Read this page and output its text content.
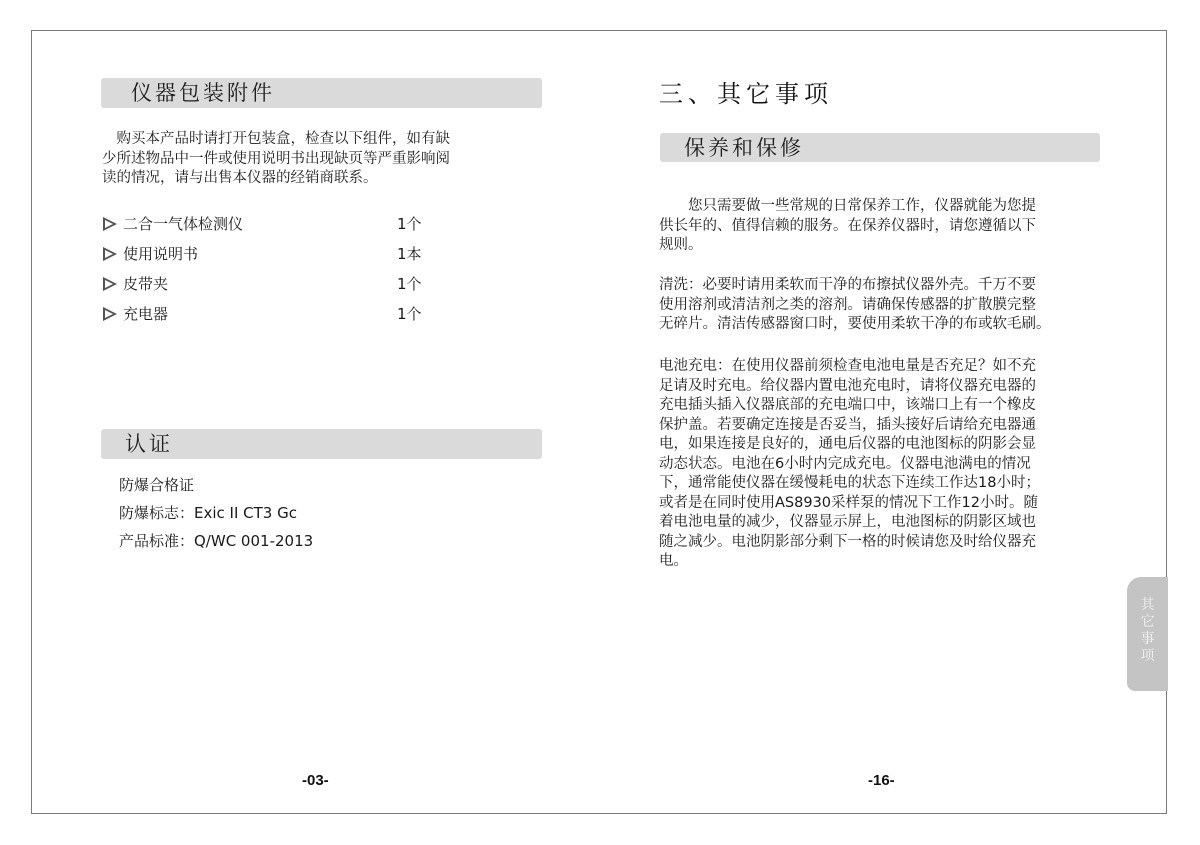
仪器包装附件
　购买本产品时请打开包装盒，检查以下组件，如有缺
少所述物品中一件或使用说明书出现缺页等严重影响阅
读的情况，请与出售本仪器的经销商联系。
二合一气体检测仪	1个
使用说明书	1本
皮带夹	1个
充电器	1个
认证
防爆合格证
防爆标志：Exic II CT3 Gc
产品标准：Q/WC 001-2013
-03-
三、其它事项
保养和保修
　　您只需要做一些常规的日常保养工作，仪器就能为您提
供长年的、值得信赖的服务。在保养仪器时，请您遵循以下
规则。
清洗：必要时请用柔软而干净的布擦拭仪器外壳。千万不要
使用溶剂或清洁剂之类的溶剂。请确保传感器的扩散膜完整
无碎片。清洁传感器窗口时，要使用柔软干净的布或软毛刷。
电池充电：在使用仪器前须检查电池电量是否充足？如不充
足请及时充电。给仪器内置电池充电时，请将仪器充电器的
充电插头插入仪器底部的充电端口中，该端口上有一个橡皮
保护盖。若要确定连接是否妥当，插头接好后请给充电器通
电，如果连接是良好的，通电后仪器的电池图标的阴影会显
动态状态。电池在6小时内完成充电。仪器电池满电的情况
下，通常能使仪器在缓慢耗电的状态下连续工作达18小时；
或者是在同时使用AS8930采样泵的情况下工作12小时。随
着电池电量的减少，仪器显示屏上，电池图标的阴影区域也
随之减少。电池阴影部分剩下一格的时候请您及时给仪器充
电。
其
它
事
项
-16-
